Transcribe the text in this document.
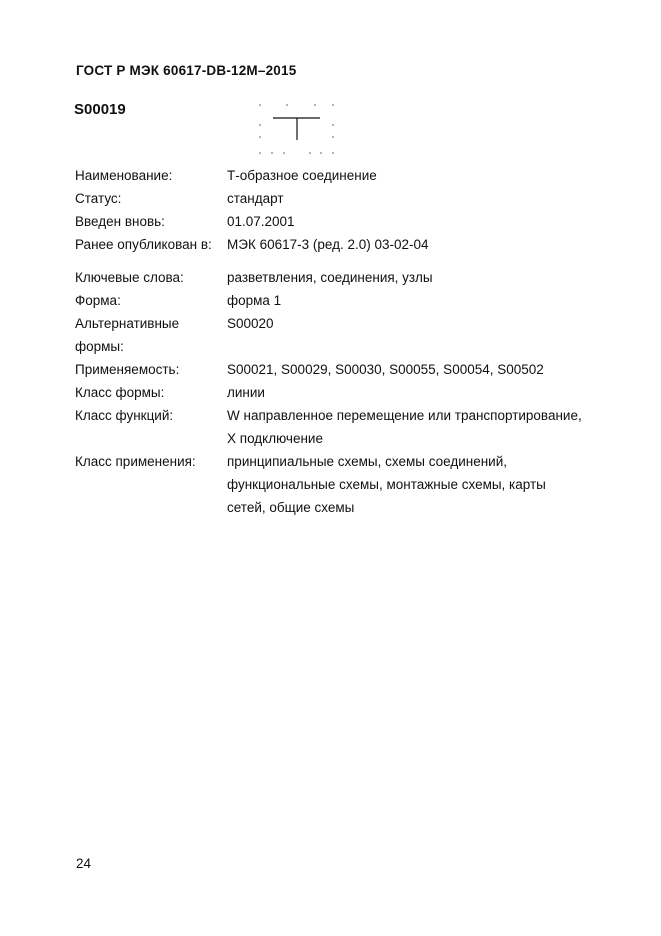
ГОСТ Р МЭК 60617-DB-12M–2015
S00019
Наименование:	Т-образное соединение
Статус:	стандарт
Введен вновь:	01.07.2001
Ранее опубликован в:	МЭК 60617-3 (ред. 2.0) 03-02-04
Ключевые слова:	разветвления, соединения, узлы
Форма:	форма 1
Альтернативные
формы:
S00020
Применяемость:	S00021, S00029, S00030, S00055, S00054, S00502
Класс формы:	линии
Класс функций:	W направленное перемещение или транспортирование,
X подключение
Класс применения:	принципиальные схемы, схемы соединений,
функциональные схемы, монтажные схемы, карты
сетей, общие схемы
24
